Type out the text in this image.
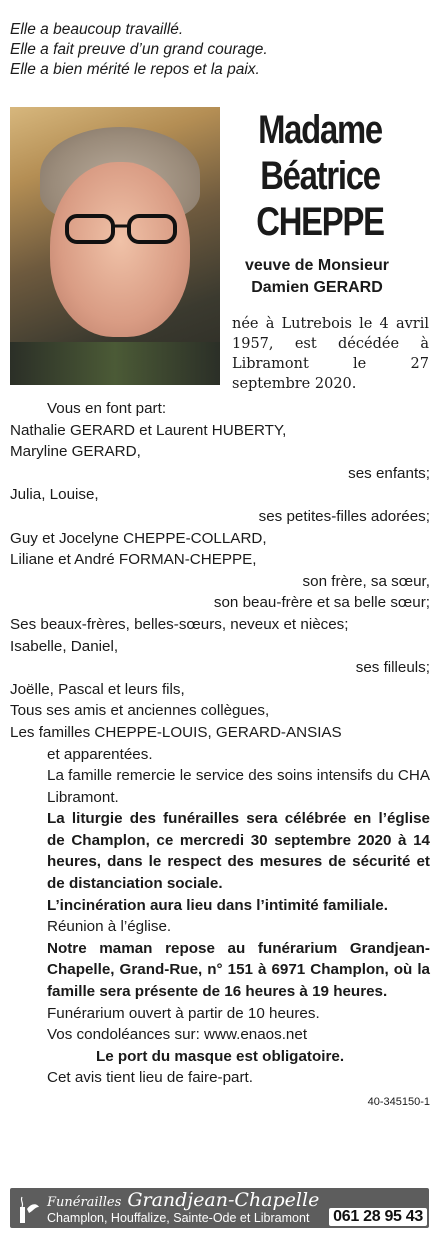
Elle a beaucoup travaillé.
Elle a fait preuve d’un grand courage.
Elle a bien mérité le repos et la paix.
Madame
Béatrice
CHEPPE
veuve de Monsieur
Damien GERARD
née à Lutrebois le 4 avril 1957, est décédée à Libramont le 27 septembre 2020.

Vous en font part:

Nathalie GERARD et Laurent HUBERTY,

Maryline GERARD,

ses enfants;

Julia, Louise,

ses petites-filles adorées;

Guy et Jocelyne CHEPPE-COLLARD,

Liliane et André FORMAN-CHEPPE,

son frère, sa sœur,

son beau-frère et sa belle sœur;

Ses beaux-frères, belles-sœurs, neveux et nièces;

Isabelle, Daniel,

ses filleuls;

Joëlle, Pascal et leurs fils,

Tous ses amis et anciennes collègues,

Les familles CHEPPE-LOUIS, GERARD-ANSIAS

et apparentées.

La famille remercie le service des soins intensifs du CHA Libramont.

La liturgie des funérailles sera célébrée en l’église de Champlon, ce mercredi 30 septembre 2020 à 14 heures, dans le respect des mesures de sécurité et de distanciation sociale.

L’incinération aura lieu dans l’intimité familiale.

Réunion à l’église.

Notre maman repose au funérarium Grandjean-Chapelle, Grand-Rue, n° 151 à 6971 Champlon, où la famille sera présente de 16 heures à 19 heures.

Funérarium ouvert à partir de 10 heures.

Vos condoléances sur: www.enaos.net

Le port du masque est obligatoire.

Cet avis tient lieu de faire-part.

40-345150-1

Funérailles Grandjean-Chapelle
Champlon, Houffalize, Sainte-Ode et Libramont 061 28 95 43
